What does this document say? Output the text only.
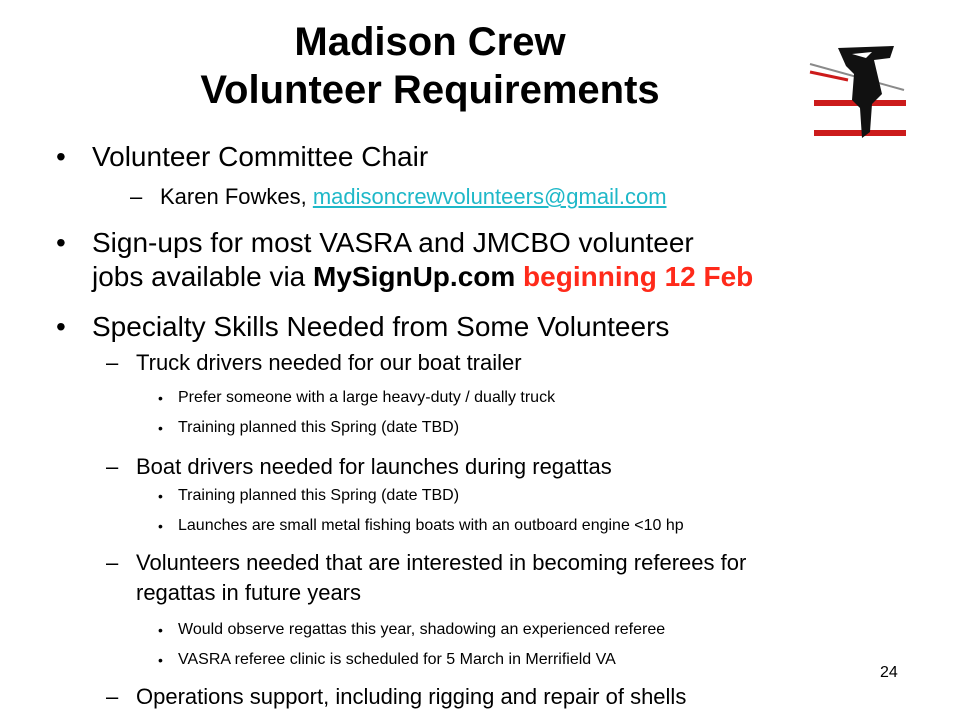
Madison Crew
Volunteer Requirements
• Volunteer Committee Chair
– Karen Fowkes, madisoncrewvolunteers@gmail.com
• Sign-ups for most VASRA and JMCBO volunteer
jobs available via MySignUp.com beginning 12 Feb
• Specialty Skills Needed from Some Volunteers
– Truck drivers needed for our boat trailer
• Prefer someone with a large heavy-duty / dually truck
• Training planned this Spring (date TBD)
– Boat drivers needed for launches during regattas
• Training planned this Spring (date TBD)
• Launches are small metal fishing boats with an outboard engine <10 hp
– Volunteers needed that are interested in becoming referees for
regattas in future years
• Would observe regattas this year, shadowing an experienced referee
• VASRA referee clinic is scheduled for 5 March in Merrifield VA
– Operations support, including rigging and repair of shells
24
